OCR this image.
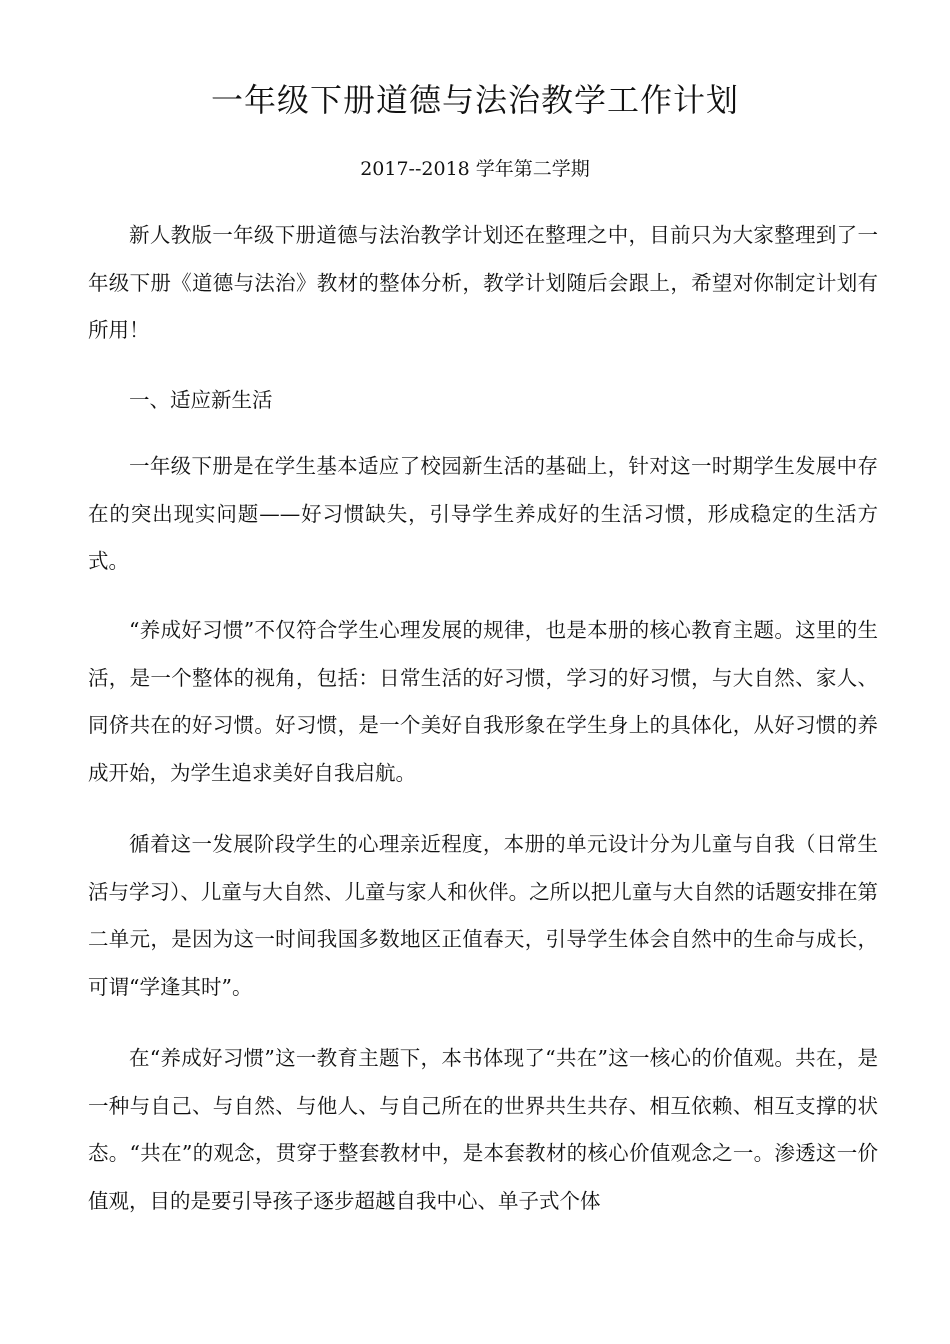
一年级下册道德与法治教学工作计划

2017--2018 学年第二学期

新人教版一年级下册道德与法治教学计划还在整理之中，目前只为大家整理到了一年级下册《道德与法治》教材的整体分析，教学计划随后会跟上，希望对你制定计划有所用！

一、适应新生活

一年级下册是在学生基本适应了校园新生活的基础上，针对这一时期学生发展中存在的突出现实问题——好习惯缺失，引导学生养成好的生活习惯，形成稳定的生活方式。

“养成好习惯”不仅符合学生心理发展的规律，也是本册的核心教育主题。这里的生活，是一个整体的视角，包括：日常生活的好习惯，学习的好习惯，与大自然、家人、同侪共在的好习惯。好习惯，是一个美好自我形象在学生身上的具体化，从好习惯的养成开始，为学生追求美好自我启航。

循着这一发展阶段学生的心理亲近程度，本册的单元设计分为儿童与自我（日常生活与学习）、儿童与大自然、儿童与家人和伙伴。之所以把儿童与大自然的话题安排在第二单元，是因为这一时间我国多数地区正值春天，引导学生体会自然中的生命与成长，可谓“学逢其时”。

在“养成好习惯”这一教育主题下，本书体现了“共在”这一核心的价值观。共在，是一种与自己、与自然、与他人、与自己所在的世界共生共存、相互依赖、相互支撑的状态。“共在”的观念，贯穿于整套教材中，是本套教材的核心价值观念之一。渗透这一价值观，目的是要引导孩子逐步超越自我中心、单子式个体
